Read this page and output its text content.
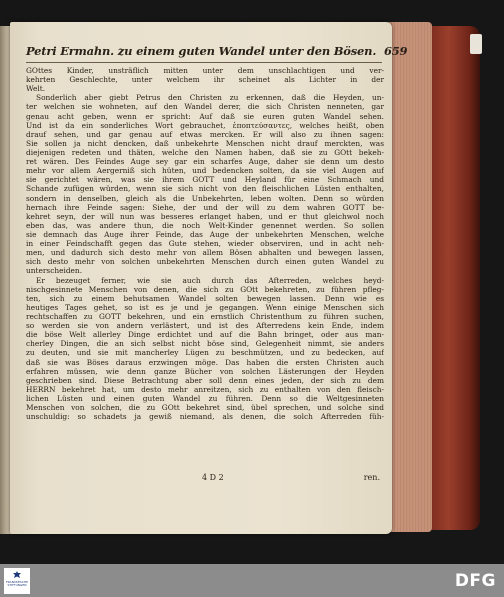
Petri Ermahn. zu einem guten Wandel unter den Bösen. 659
GOttes Kinder, unsträflich mitten unter dem unschlachtigen und ver-
kehrten Geschlechte, unter welchem ihr scheinet als Lichter in der
Welt.
Sonderlich aber giebt Petrus den Christen zu erkennen, daß die Heyden, un-
ter welchen sie wohneten, auf den Wandel derer, die sich Christen nenneten, gar
genau acht geben, wenn er spricht: Auf daß sie euren guten Wandel sehen.
Und ist da ein sonderliches Wort gebrauchet, ἐποπτεύσαντες, welches heißt, oben
drauf sehen, und gar genau auf etwas mercken. Er will also zu ihnen sagen:
Sie sollen ja nicht dencken, daß unbekehrte Menschen nicht drauf merckten, was
diejenigen redeten und thäten, welche den Namen haben, daß sie zu GOtt bekeh-
ret wären. Des Feindes Auge sey gar ein scharfes Auge, daher sie denn um desto
mehr vor allem Aergerniß sich hüten, und bedencken solten, da sie viel Augen auf
sie gerichtet wären, was sie ihrem GOTT und Heyland für eine Schmach und
Schande zufügen würden, wenn sie sich nicht von den fleischlichen Lüsten enthalten,
sondern in denselben, gleich als die Unbekehrten, leben wolten. Denn so würden
hernach ihre Feinde sagen: Siehe, der und der will zu dem wahren GOTT be-
kehret seyn, der will nun was besseres erlanget haben, und er thut gleichwol noch
eben das, was andere thun, die noch Welt-Kinder genennet werden. So sollen
sie demnach das Auge ihrer Feinde, das Auge der unbekehrten Menschen, welche
in einer Feindschafft gegen das Gute stehen, wieder observiren, und in acht neh-
men, und dadurch sich desto mehr von allem Bösen abhalten und bewegen lassen,
sich desto mehr von solchen unbekehrten Menschen durch einen guten Wandel zu
unterscheiden.
Er bezeuget ferner, wie sie auch durch das Afterreden, welches heyd-
nischgesinnete Menschen von denen, die sich zu GOtt bekehreten, zu führen pfleg-
ten, sich zu einem behutsamen Wandel solten bewegen lassen. Denn wie es
heutiges Tages gehet, so ist es je und je gegangen. Wenn einige Menschen sich
rechtschaffen zu GOTT bekehren, und ein ernstlich Christenthum zu führen suchen,
so werden sie von andern verlästert, und ist des Afterredens kein Ende, indem
die böse Welt allerley Dinge erdichtet und auf die Bahn bringet, oder aus man-
cherley Dingen, die an sich selbst nicht böse sind, Gelegenheit nimmt, sie anders
zu deuten, und sie mit mancherley Lügen zu beschmützen, und zu bedecken, auf
daß sie was Böses daraus erzwingen möge. Das haben die ersten Christen auch
erfahren müssen, wie denn ganze Bücher von solchen Lästerungen der Heyden
geschrieben sind. Diese Betrachtung aber soll denn eines jeden, der sich zu dem
HERRN bekehret hat, um desto mehr anreitzen, sich zu enthalten von den fleisch-
lichen Lüsten und einen guten Wandel zu führen. Denn so die Weltgesinneten
Menschen von solchen, die zu GOtt bekehret sind, übel sprechen, und solche sind
unschuldig: so schadets ja gewiß niemand, als denen, die solch Afterreden füh-
4 D 2	ren.
FRANCKESCHE STIFTUNGEN	DFG
